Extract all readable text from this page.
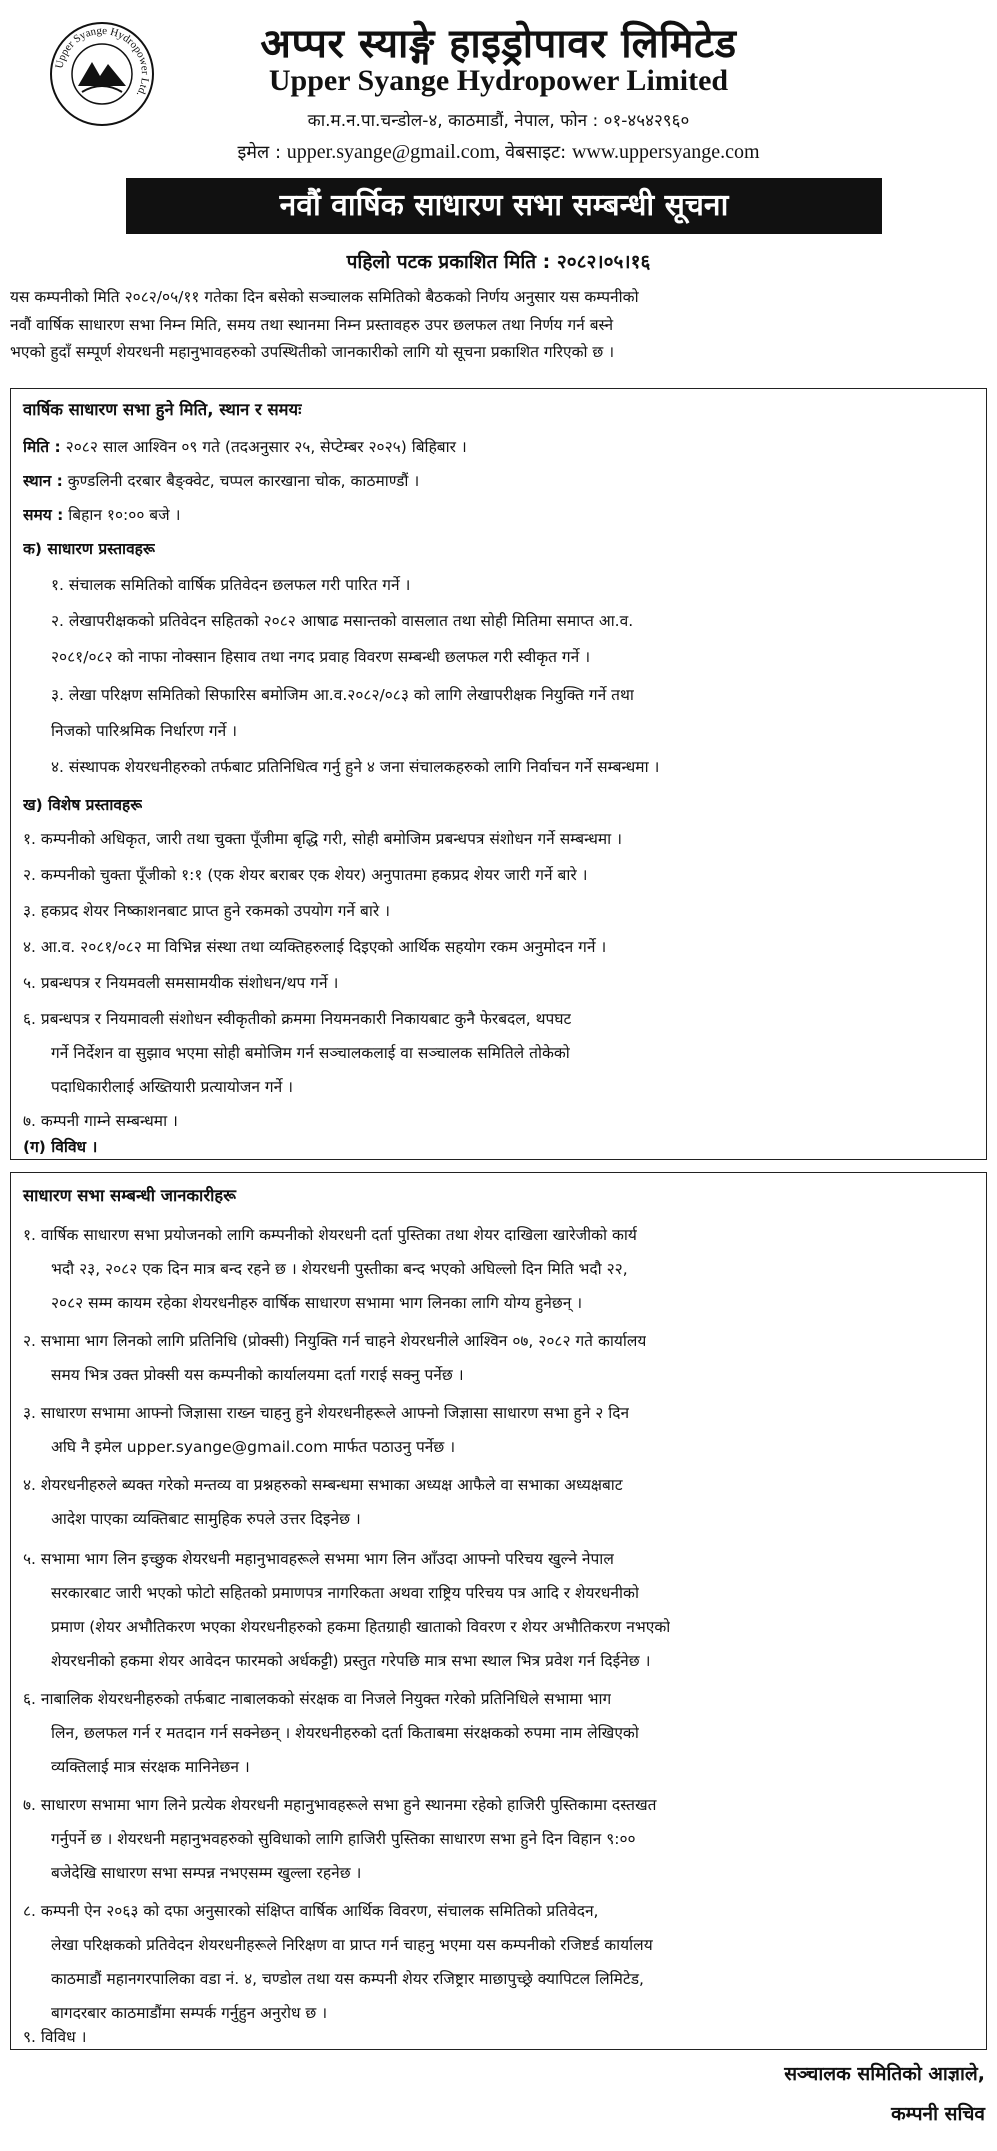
Upper Syange Hydropower Ltd.
अप्पर स्याङ्गे हाइड्रोपावर लिमिटेड
Upper Syange Hydropower Limited
का.म.न.पा.चन्डोल-४, काठमाडौं, नेपाल, फोन : ०१-४५४२९६०
इमेल : upper.syange@gmail.com, वेबसाइट: www.uppersyange.com
नवौं वार्षिक साधारण सभा सम्बन्धी सूचना
पहिलो पटक प्रकाशित मिति : २०८२।०५।१६
यस कम्पनीको मिति २०८२/०५/११ गतेका दिन बसेको सञ्चालक समितिको बैठकको निर्णय अनुसार यस कम्पनीको
नवौं वार्षिक साधारण सभा निम्न मिति, समय तथा स्थानमा निम्न प्रस्तावहरु उपर छलफल तथा निर्णय गर्न बस्ने
भएको हुदाँ सम्पूर्ण शेयरधनी महानुभावहरुको उपस्थितीको जानकारीको लागि यो सूचना प्रकाशित गरिएको छ ।
वार्षिक साधारण सभा हुने मिति, स्थान र समयः
मिति : २०८२ साल आश्विन ०९ गते (तदअनुसार २५, सेप्टेम्बर २०२५) बिहिबार ।
स्थान : कुण्डलिनी दरबार बैङ्क्वेट, चप्पल कारखाना चोक, काठमाण्डौं ।
समय : बिहान १०:०० बजे ।
क) साधारण प्रस्तावहरू
१. संचालक समितिको वार्षिक प्रतिवेदन छलफल गरी पारित गर्ने ।
२. लेखापरीक्षकको प्रतिवेदन सहितको २०८२ आषाढ मसान्तको वासलात तथा सोही मितिमा समाप्त आ.व.
२०८१/०८२ को नाफा नोक्सान हिसाव तथा नगद प्रवाह विवरण सम्बन्धी छलफल गरी स्वीकृत गर्ने ।
३. लेखा परिक्षण समितिको सिफारिस बमोजिम आ.व.२०८२/०८३ को लागि लेखापरीक्षक नियुक्ति गर्ने तथा
निजको पारिश्रमिक निर्धारण गर्ने ।
४. संस्थापक शेयरधनीहरुको तर्फबाट प्रतिनिधित्व गर्नु हुने ४ जना संचालकहरुको लागि निर्वाचन गर्ने सम्बन्धमा ।
ख) विशेष प्रस्तावहरू
१. कम्पनीको अधिकृत, जारी तथा चुक्ता पूँजीमा बृद्धि गरी, सोही बमोजिम प्रबन्धपत्र संशोधन गर्ने सम्बन्धमा ।
२. कम्पनीको चुक्ता पूँजीको १:१ (एक शेयर बराबर एक शेयर) अनुपातमा हकप्रद शेयर जारी गर्ने बारे ।
३. हकप्रद शेयर निष्काशनबाट प्राप्त हुने रकमको उपयोग गर्ने बारे ।
४. आ.व. २०८१/०८२ मा विभिन्न संस्था तथा व्यक्तिहरुलाई दिइएको आर्थिक सहयोग रकम अनुमोदन गर्ने ।
५. प्रबन्धपत्र र नियमवली समसामयीक संशोधन/थप गर्ने ।
६. प्रबन्धपत्र र नियमावली संशोधन स्वीकृतीको क्रममा नियमनकारी निकायबाट कुनै फेरबदल, थपघट
गर्ने निर्देशन वा सुझाव भएमा सोही बमोजिम गर्न सञ्चालकलाई वा सञ्चालक समितिले तोकेको
पदाधिकारीलाई अख्तियारी प्रत्यायोजन गर्ने ।
७. कम्पनी गाम्ने सम्बन्धमा ।
(ग) विविध ।
साधारण सभा सम्बन्धी जानकारीहरू
१. वार्षिक साधारण सभा प्रयोजनको लागि कम्पनीको शेयरधनी दर्ता पुस्तिका तथा शेयर दाखिला खारेजीको कार्य
भदौ २३, २०८२ एक दिन मात्र बन्द रहने छ । शेयरधनी पुस्तीका बन्द भएको अघिल्लो दिन मिति भदौ २२,
२०८२ सम्म कायम रहेका शेयरधनीहरु वार्षिक साधारण सभामा भाग लिनका लागि योग्य हुनेछन् ।
२. सभामा भाग लिनको लागि प्रतिनिधि (प्रोक्सी) नियुक्ति गर्न चाहने शेयरधनीले आश्विन ०७, २०८२ गते कार्यालय
समय भित्र उक्त प्रोक्सी यस कम्पनीको कार्यालयमा दर्ता गराई सक्नु पर्नेछ ।
३. साधारण सभामा आफ्नो जिज्ञासा राख्न चाहनु हुने शेयरधनीहरूले आफ्नो जिज्ञासा साधारण सभा हुने २ दिन
अघि नै इमेल upper.syange@gmail.com मार्फत पठाउनु पर्नेछ ।
४. शेयरधनीहरुले ब्यक्त गरेको मन्तव्य वा प्रश्नहरुको सम्बन्धमा सभाका अध्यक्ष आफैले वा सभाका अध्यक्षबाट
आदेश पाएका व्यक्तिबाट सामुहिक रुपले उत्तर दिइनेछ ।
५. सभामा भाग लिन इच्छुक शेयरधनी महानुभावहरूले सभमा भाग लिन आँउदा आफ्नो परिचय खुल्ने नेपाल
सरकारबाट जारी भएको फोटो सहितको प्रमाणपत्र नागरिकता अथवा राष्ट्रिय परिचय पत्र आदि र शेयरधनीको
प्रमाण (शेयर अभौतिकरण भएका शेयरधनीहरुको हकमा हितग्राही खाताको विवरण र शेयर अभौतिकरण नभएको
शेयरधनीको हकमा शेयर आवेदन फारमको अर्धकट्टी) प्रस्तुत गरेपछि मात्र सभा स्थाल भित्र प्रवेश गर्न दिईनेछ ।
६. नाबालिक शेयरधनीहरुको तर्फबाट नाबालकको संरक्षक वा निजले नियुक्त गरेको प्रतिनिधिले सभामा भाग
लिन, छलफल गर्न र मतदान गर्न सक्नेछन् । शेयरधनीहरुको दर्ता किताबमा संरक्षकको रुपमा नाम लेखिएको
व्यक्तिलाई मात्र संरक्षक मानिनेछन ।
७. साधारण सभामा भाग लिने प्रत्येक शेयरधनी महानुभावहरूले सभा हुने स्थानमा रहेको हाजिरी पुस्तिकामा दस्तखत
गर्नुपर्ने छ । शेयरधनी महानुभवहरुको सुविधाको लागि हाजिरी पुस्तिका साधारण सभा हुने दिन विहान ९:००
बजेदेखि साधारण सभा सम्पन्न नभएसम्म खुल्ला रहनेछ ।
८. कम्पनी ऐन २०६३ को दफा अनुसारको संक्षिप्त वार्षिक आर्थिक विवरण, संचालक समितिको प्रतिवेदन,
लेखा परिक्षकको प्रतिवेदन शेयरधनीहरूले निरिक्षण वा प्राप्त गर्न चाहनु भएमा यस कम्पनीको रजिष्टर्ड कार्यालय
काठमाडौं महानगरपालिका वडा नं. ४, चण्डोल तथा यस कम्पनी शेयर रजिष्ट्रार माछापुच्छ्रे क्यापिटल लिमिटेड,
बागदरबार काठमाडौंमा सम्पर्क गर्नुहुन अनुरोध छ ।
९. विविध ।
सञ्चालक समितिको आज्ञाले,
कम्पनी सचिव
